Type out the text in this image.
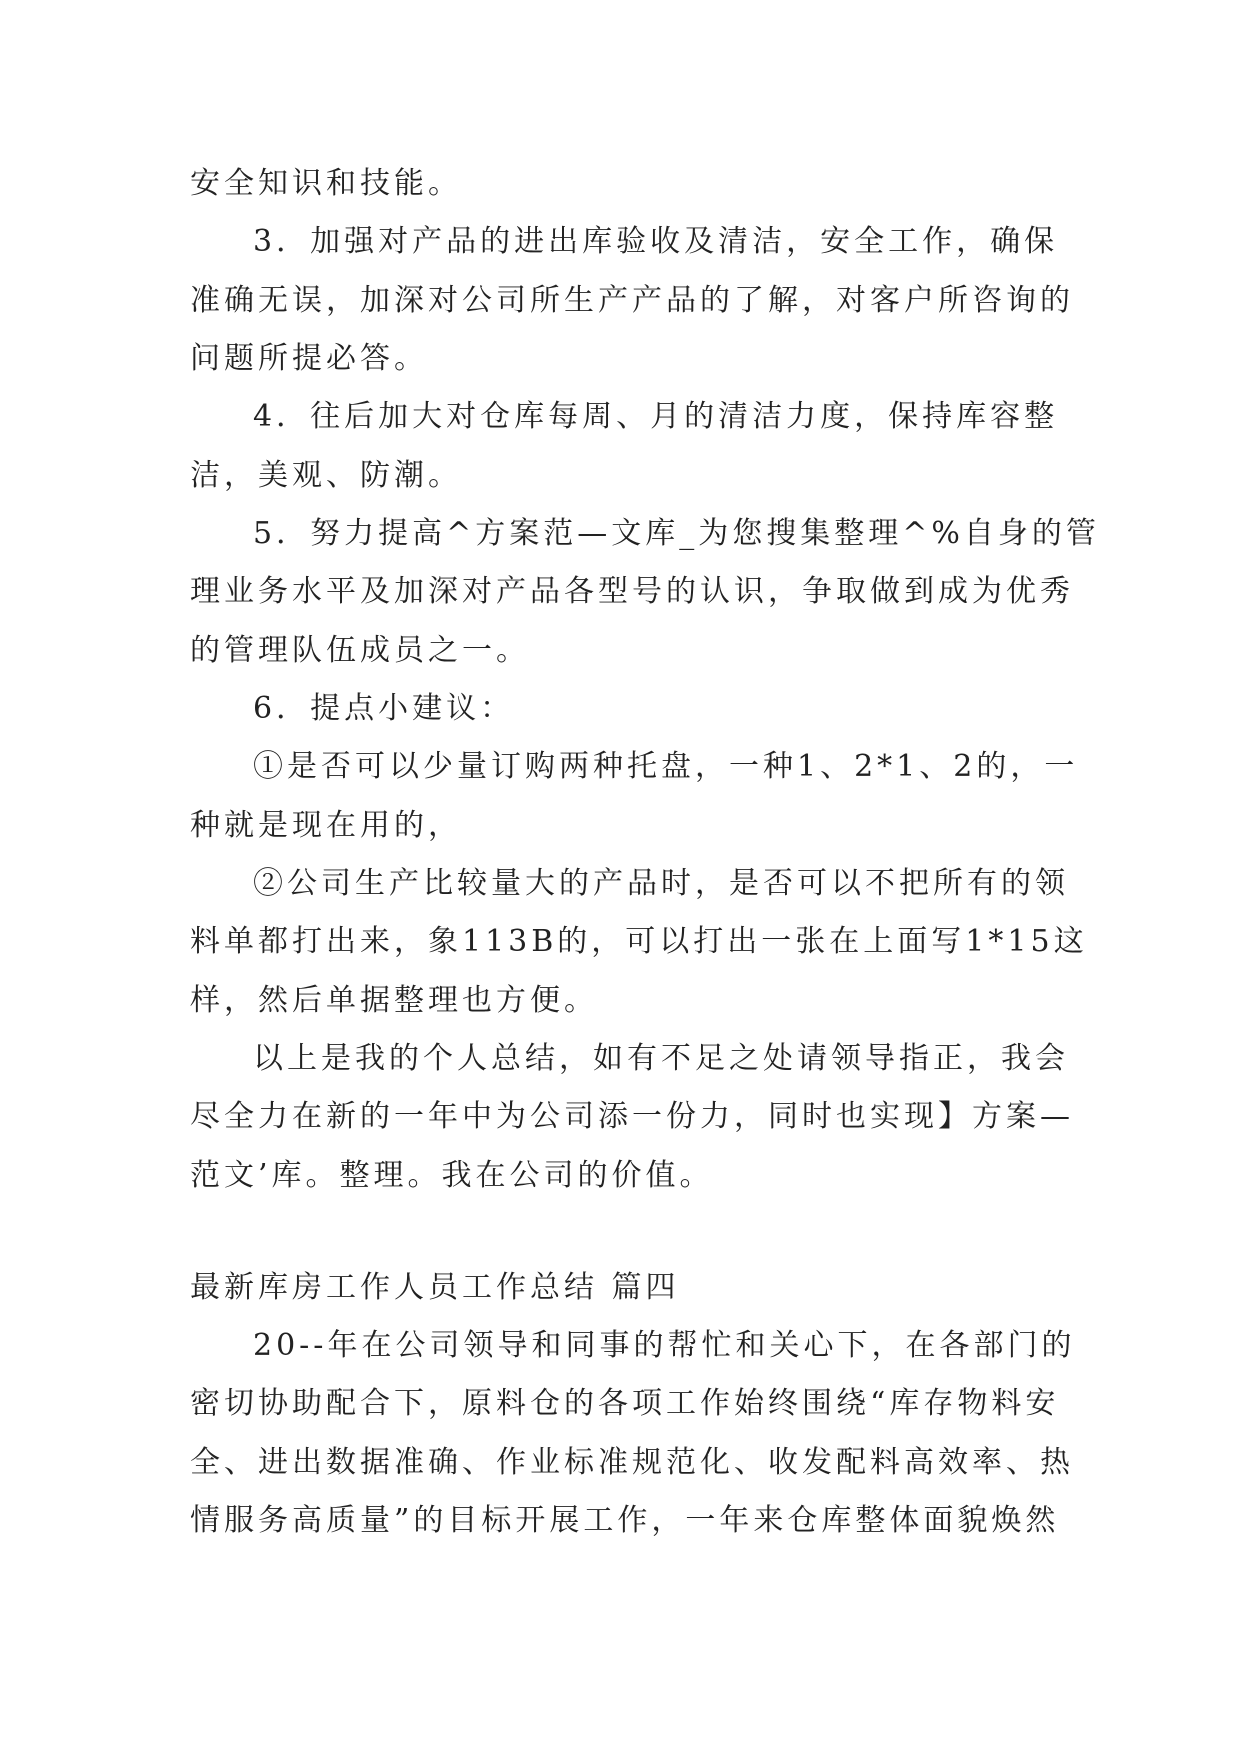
安全知识和技能。
3．加强对产品的进出库验收及清洁，安全工作，确保
准确无误，加深对公司所生产产品的了解，对客户所咨询的
问题所提必答。
4．往后加大对仓库每周、月的清洁力度，保持库容整
洁，美观、防潮。
5．努力提高^方案范—文库_为您搜集整理^%自身的管
理业务水平及加深对产品各型号的认识，争取做到成为优秀
的管理队伍成员之一。
6．提点小建议：
①是否可以少量订购两种托盘，一种1、2*1、2的，一
种就是现在用的，
②公司生产比较量大的产品时，是否可以不把所有的领
料单都打出来，象113B的，可以打出一张在上面写1*15这
样，然后单据整理也方便。
以上是我的个人总结，如有不足之处请领导指正，我会
尽全力在新的一年中为公司添一份力，同时也实现】方案—
范文’库。整理。我在公司的价值。
最新库房工作人员工作总结 篇四
20--年在公司领导和同事的帮忙和关心下，在各部门的
密切协助配合下，原料仓的各项工作始终围绕“库存物料安
全、进出数据准确、作业标准规范化、收发配料高效率、热
情服务高质量”的目标开展工作，一年来仓库整体面貌焕然
